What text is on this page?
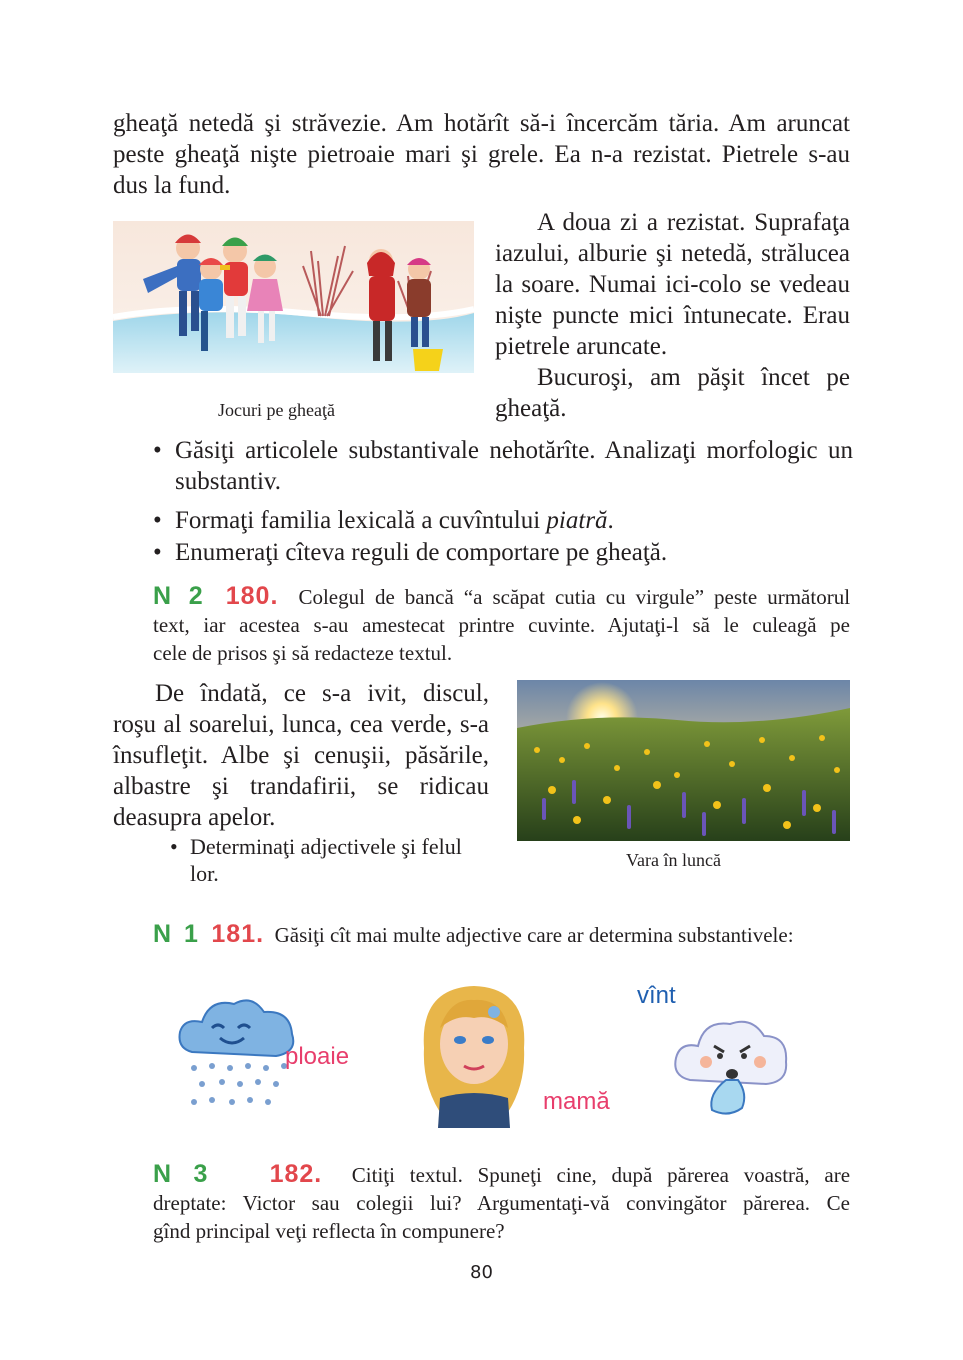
gheaţă netedă şi străvezie. Am hotărît să-i încercăm tăria. Am aruncat
peste gheaţă nişte pietroaie mari şi grele. Ea n-a rezistat. Pietrele s-au
dus la fund.
Jocuri pe gheaţă
A doua zi a rezistat. Suprafaţa
iazului, alburie şi netedă, strălucea
la soare. Numai ici-colo se vedeau
nişte puncte mici întunecate. Erau
pietrele aruncate.
Bucuroşi, am păşit încet pe
gheaţă.
• Găsiţi articolele substantivale nehotărîte. Analizaţi morfologic un
substantiv.
• Formaţi familia lexicală a cuvîntului piatră.
• Enumeraţi cîteva reguli de comportare pe gheaţă.
N 2 180. Colegul de bancă “a scăpat cutia cu virgule” peste următorul
text, iar acestea s-au amestecat printre cuvinte. Ajutaţi-l să le culeagă pe
cele de prisos şi să redacteze textul.
De îndată, ce s-a ivit, discul,
roşu al soarelui, lunca, cea verde, s-a
însufleţit. Albe şi cenuşii, păsările,
albastre şi trandafirii, se ridicau
deasupra apelor.
• Determinaţi adjectivele şi felul
lor.
Vara în luncă
N 1 181. Găsiţi cît mai multe adjective care ar determina substantivele:
ploaie
mamă
vînt
N 3 182. Citiţi textul. Spuneţi cine, după părerea voastră, are
dreptate: Victor sau colegii lui? Argumentaţi-vă convingător părerea. Ce
gînd principal veţi reflecta în compunere?
80
